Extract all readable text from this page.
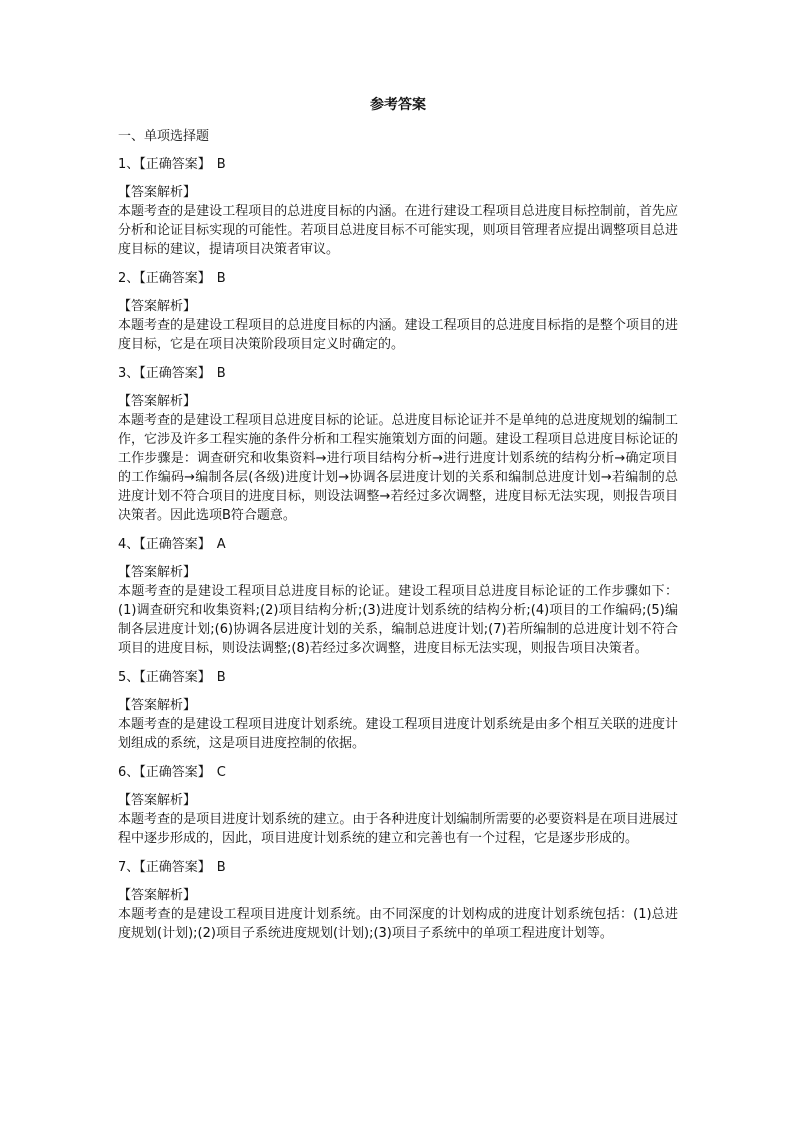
参考答案
一、单项选择题
1、【正确答案】 B
【答案解析】
本题考查的是建设工程项目的总进度目标的内涵。在进行建设工程项目总进度目标控制前，首先应分析和论证目标实现的可能性。若项目总进度目标不可能实现，则项目管理者应提出调整项目总进度目标的建议，提请项目决策者审议。
2、【正确答案】 B
【答案解析】
本题考查的是建设工程项目的总进度目标的内涵。建设工程项目的总进度目标指的是整个项目的进度目标，它是在项目决策阶段项目定义时确定的。
3、【正确答案】 B
【答案解析】
本题考查的是建设工程项目总进度目标的论证。总进度目标论证并不是单纯的总进度规划的编制工作，它涉及许多工程实施的条件分析和工程实施策划方面的问题。建设工程项目总进度目标论证的工作步骤是：调查研究和收集资料→进行项目结构分析→进行进度计划系统的结构分析→确定项目的工作编码→编制各层(各级)进度计划→协调各层进度计划的关系和编制总进度计划→若编制的总进度计划不符合项目的进度目标，则设法调整→若经过多次调整，进度目标无法实现，则报告项目决策者。因此选项B符合题意。
4、【正确答案】 A
【答案解析】
本题考查的是建设工程项目总进度目标的论证。建设工程项目总进度目标论证的工作步骤如下：(1)调查研究和收集资料;(2)项目结构分析;(3)进度计划系统的结构分析;(4)项目的工作编码;(5)编制各层进度计划;(6)协调各层进度计划的关系，编制总进度计划;(7)若所编制的总进度计划不符合项目的进度目标，则设法调整;(8)若经过多次调整，进度目标无法实现，则报告项目决策者。
5、【正确答案】 B
【答案解析】
本题考查的是建设工程项目进度计划系统。建设工程项目进度计划系统是由多个相互关联的进度计划组成的系统，这是项目进度控制的依据。
6、【正确答案】 C
【答案解析】
本题考查的是项目进度计划系统的建立。由于各种进度计划编制所需要的必要资料是在项目进展过程中逐步形成的，因此，项目进度计划系统的建立和完善也有一个过程，它是逐步形成的。
7、【正确答案】 B
【答案解析】
本题考查的是建设工程项目进度计划系统。由不同深度的计划构成的进度计划系统包括：(1)总进度规划(计划);(2)项目子系统进度规划(计划);(3)项目子系统中的单项工程进度计划等。
